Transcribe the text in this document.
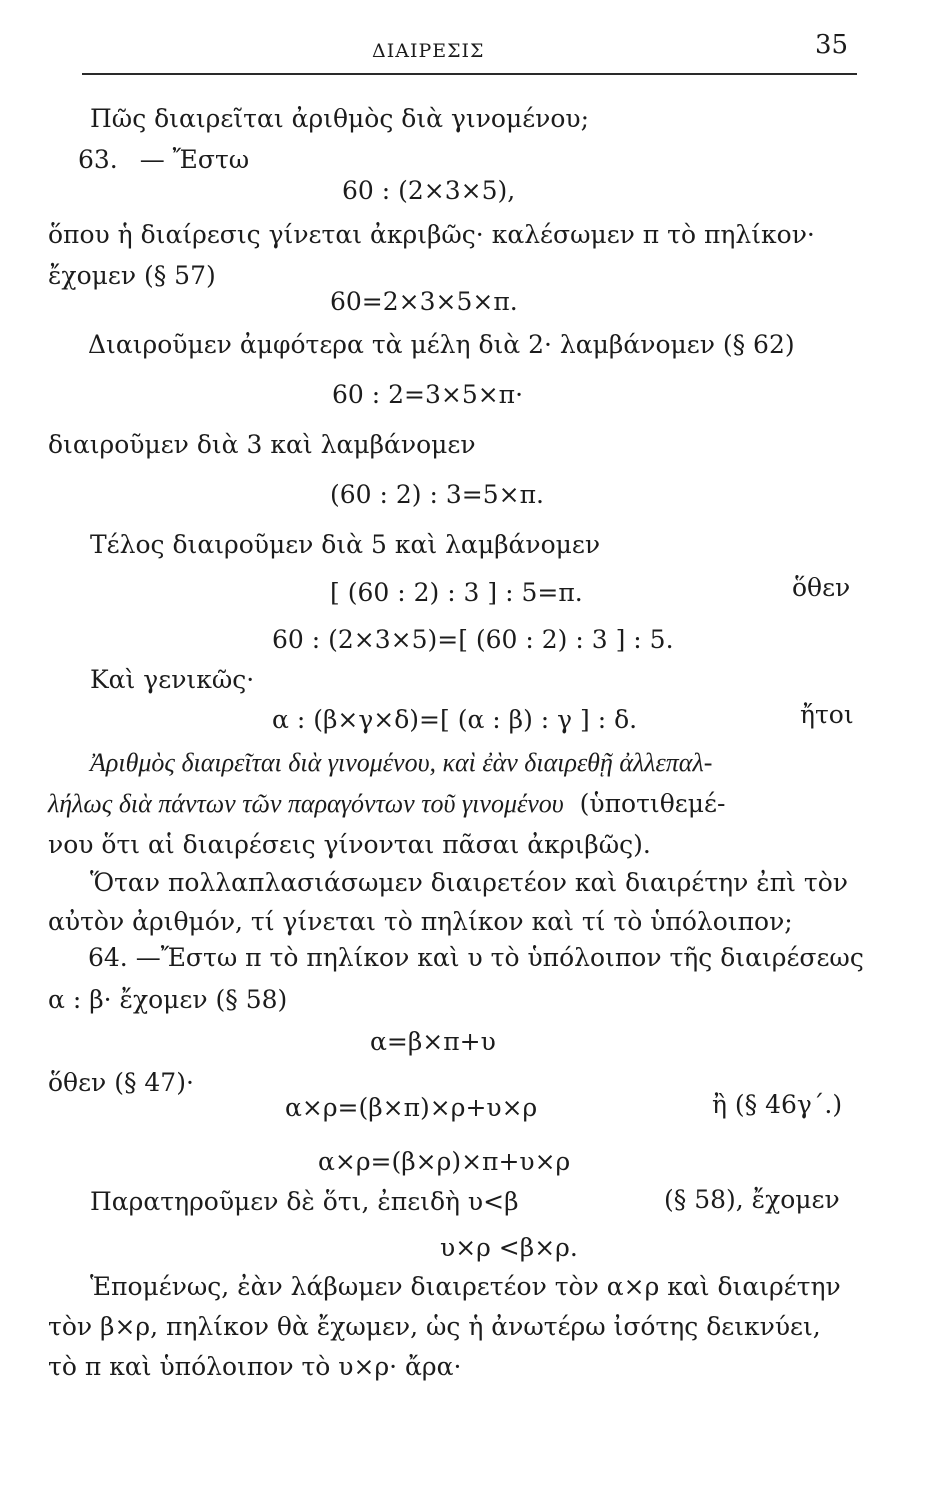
ΔΙΑΙΡΕΣΙΣ	35
Πῶς διαιρεῖται ἀριθμὸς διὰ γινομένου;
63. — Ἔστω
60 : (2×3×5),
ὅπου ἡ διαίρεσις γίνεται ἀκριβῶς· καλέσωμεν π τὸ πηλίκον·
ἔχομεν (§ 57)
60=2×3×5×π.
Διαιροῦμεν ἀμφότερα τὰ μέλη διὰ 2· λαμβάνομεν (§ 62)
60 : 2=3×5×π·
διαιροῦμεν διὰ 3 καὶ λαμβάνομεν
(60 : 2) : 3=5×π.
Τέλος διαιροῦμεν διὰ 5 καὶ λαμβάνομεν
[ (60 : 2) : 3 ] : 5=π.	ὅθεν
60 : (2×3×5)=[ (60 : 2) : 3 ] : 5.
Καὶ γενικῶς·
α : (β×γ×δ)=[ (α : β) : γ ] : δ.	ἤτοι
Ἀριθμὸς διαιρεῖται διὰ γινομένου, καὶ ἐὰν διαιρεθῇ ἀλλεπαλ-
λήλως διὰ πάντων τῶν παραγόντων τοῦ γινομένου (ὑποτιθεμέ-
νου ὅτι αἱ διαιρέσεις γίνονται πᾶσαι ἀκριβῶς).
Ὅταν πολλαπλασιάσωμεν διαιρετέον καὶ διαιρέτην ἐπὶ τὸν
αὐτὸν ἀριθμόν, τί γίνεται τὸ πηλίκον καὶ τί τὸ ὑπόλοιπον;
64. —Ἔστω π τὸ πηλίκον καὶ υ τὸ ὑπόλοιπον τῆς διαιρέσεως
α : β· ἔχομεν (§ 58)
α=β×π+υ
ὅθεν (§ 47)·
α×ρ=(β×π)×ρ+υ×ρ	ἢ (§ 46γ΄.)
α×ρ=(β×ρ)×π+υ×ρ
Παρατηροῦμεν δὲ ὅτι, ἐπειδὴ υ<β	(§ 58), ἔχομεν
υ×ρ <β×ρ.
Ἑπομένως, ἐὰν λάβωμεν διαιρετέον τὸν α×ρ καὶ διαιρέτην
τὸν β×ρ, πηλίκον θὰ ἔχωμεν, ὡς ἡ ἀνωτέρω ἰσότης δεικνύει,
τὸ π καὶ ὑπόλοιπον τὸ υ×ρ· ἄρα·
